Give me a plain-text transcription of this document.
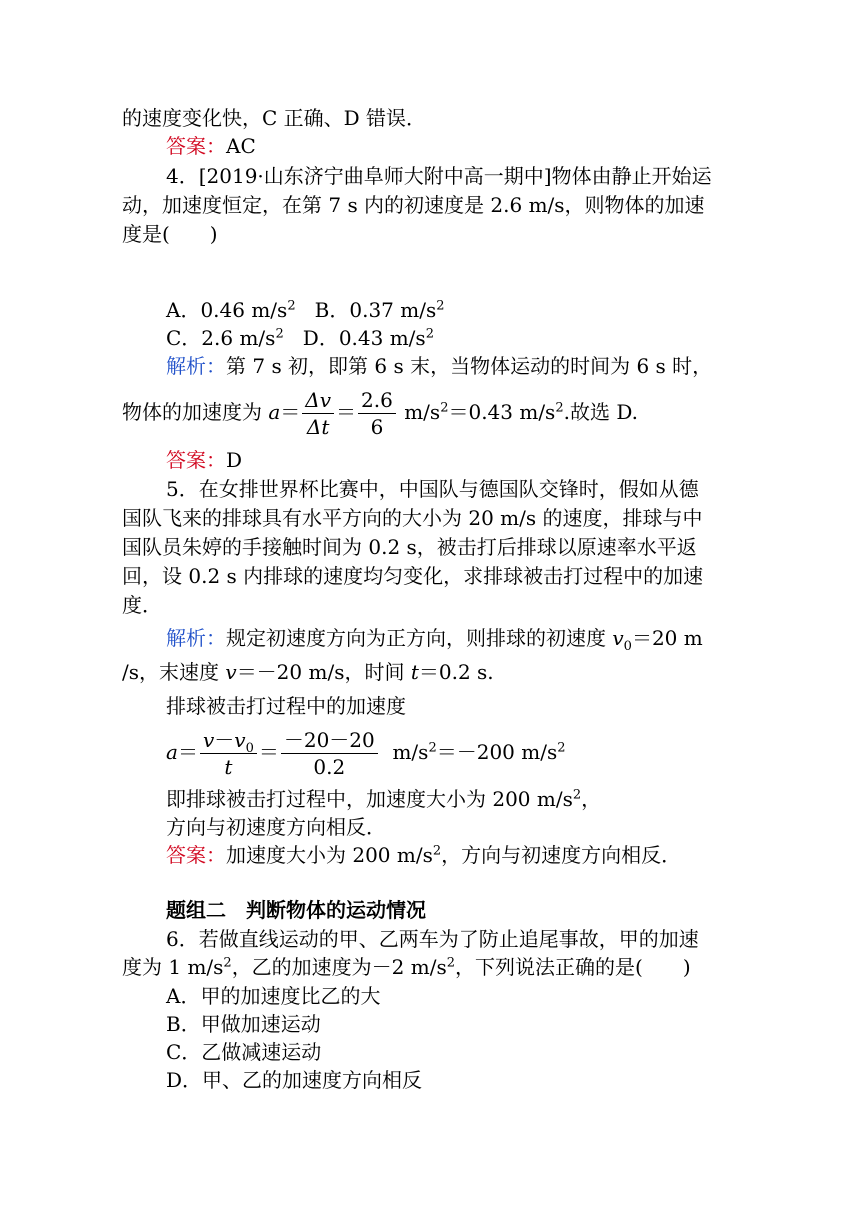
的速度变化快，C 正确、D 错误．
答案：AC
4．[2019·山东济宁曲阜师大附中高一期中]物体由静止开始运
动，加速度恒定，在第 7 s 内的初速度是 2.6 m/s，则物体的加速
度是(　　)
A．0.46 $m/s^2$ B．0.37 $m/s^2$
C．2.6 $m/s^2$ D．0.43 $m/s^2$
解析：第 7 s 初，即第 6 s 末，当物体运动的时间为 6 s 时，
物体的加速度为 $a= \frac{\Delta v}{\Delta t} = \frac{2.6}{6} m/s^2=0.43$ $m/s^2$.故选 D.
答案：D
5．在女排世界杯比赛中，中国队与德国队交锋时，假如从德
国队飞来的排球具有水平方向的大小为 20 m/s 的速度，排球与中
国队员朱婷的手接触时间为 0.2 s，被击打后排球以原速率水平返
回，设 0.2 s 内排球的速度均匀变化，求排球被击打过程中的加速
度．
解析：规定初速度方向为正方向，则排球的初速度 $v_0=20$ m
/s，末速度 v＝－20 m/s，时间 t＝0.2 s.
排球被击打过程中的加速度
$a= \frac{v-v_0}{t} = \frac{-20-20}{0.2} m/s^2=-200$ $m/s^2$
即排球被击打过程中，加速度大小为 200 $m/s^2$，
方向与初速度方向相反．
答案：加速度大小为 200 $m/s^2$，方向与初速度方向相反．
题组二　判断物体的运动情况
6．若做直线运动的甲、乙两车为了防止追尾事故，甲的加速
度为 1 $m/s^2$，乙的加速度为－2 $m/s^2$，下列说法正确的是(　　)
A．甲的加速度比乙的大
B．甲做加速运动
C．乙做减速运动
D．甲、乙的加速度方向相反
